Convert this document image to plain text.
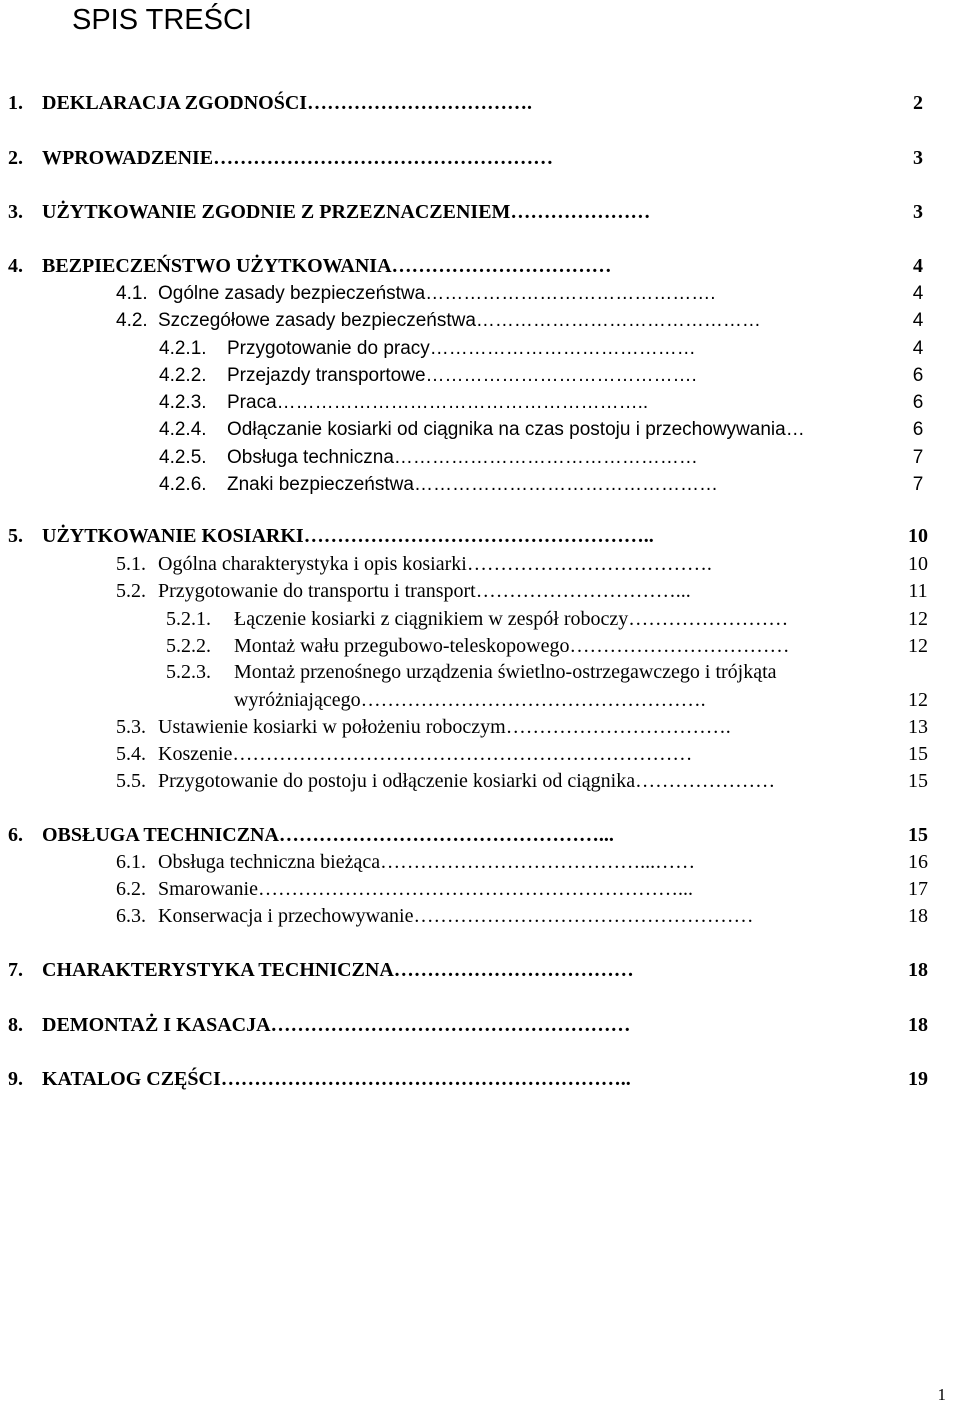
SPIS TREŚCI
1. DEKLARACJA ZGODNOŚCI …………………………….	2
2. WPROWADZENIE ……………………………………………	3
3. UŻYTKOWANIE ZGODNIE Z PRZEZNACZENIEM …………………	3
4. BEZPIECZEŃSTWO UŻYTKOWANIA ……………………………	4
4.1. Ogólne zasady bezpieczeństwa ……………………………………….	4
4.2. Szczegółowe zasady bezpieczeństwa ………………………………………	4
4.2.1.	Przygotowanie do pracy ……………………………………	4
4.2.2.	Przejazdy transportowe …………………………………….	6
4.2.3.	Praca …………………………………………………..	6
4.2.4.	Odłączanie kosiarki od ciągnika na czas postoju i przechowywania …	6
4.2.5.	Obsługa techniczna …………………………………………	7
4.2.6.	Znaki bezpieczeństwa …………………………………………	7
5. UŻYTKOWANIE KOSIARKI ……………………………………………..	10
5.1. Ogólna charakterystyka i opis kosiarki ……………………………….	10
5.2. Przygotowanie do transportu i transport …………………………...	11
5.2.1.	Łączenie kosiarki z ciągnikiem w zespół roboczy ……………………	12
5.2.2.	Montaż wału przegubowo-teleskopowego ……………………………	12
5.2.3.	Montaż przenośnego urządzenia świetlno-ostrzegawczego i trójkąta
wyróżniającego …………………………………………….	12
5.3. Ustawienie kosiarki w położeniu roboczym …………………………….	13
5.4. Koszenie ……………………………………………………………	15
5.5. Przygotowanie do postoju i odłączenie kosiarki od ciągnika …………………	15
6. OBSŁUGA TECHNICZNA …………………………………………...	15
6.1. Obsługa techniczna bieżąca …………………………………...……	16
6.2. Smarowanie ………………………………………………………...	17
6.3. Konserwacja i przechowywanie ……………………………………………	18
7. CHARAKTERYSTYKA TECHNICZNA ………………………………	18
8. DEMONTAŻ I KASACJA ………………………………………………	18
9. KATALOG CZĘŚCI ……………………………………………………..	19
1
